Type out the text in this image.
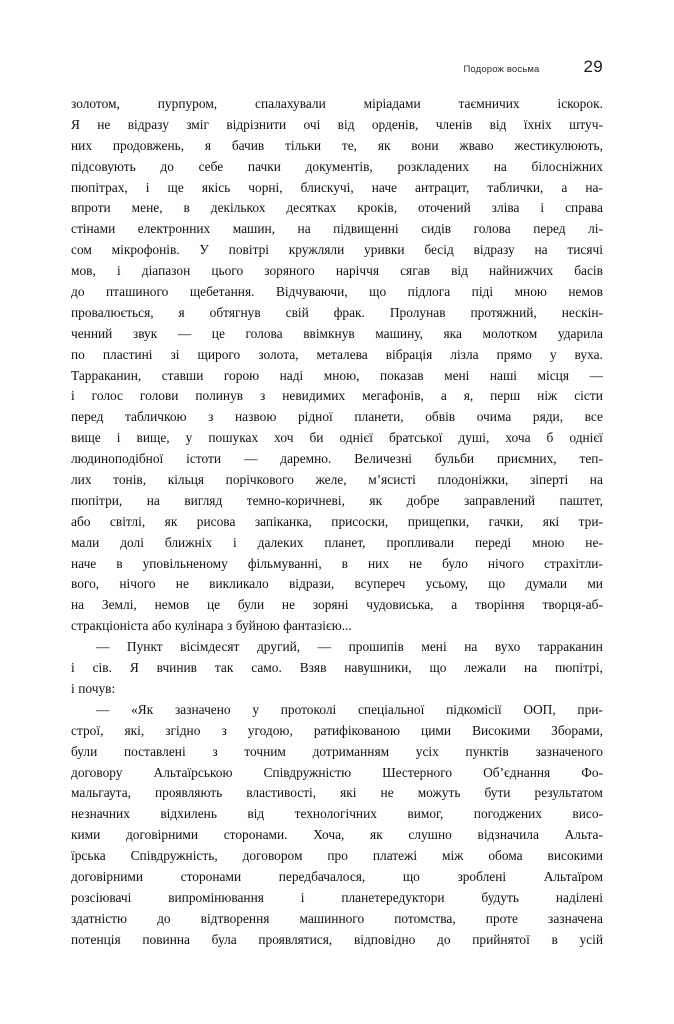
Подорож восьма	29
золотом,	пурпуром,	спалахували	міріадами	таємничих	іскорок.
Я не відразу зміг відрізнити очі від орденів, членів від їхніх штуч-
них продовжень, я бачив тільки те, як вони жваво жестикулюють,
підсовують до себе пачки документів, розкладених на білосніжних
пюпітрах, і ще якісь чорні, блискучі, наче антрацит, таблички, а на-
впроти мене, в декількох десятках кроків, оточений зліва і справа
стінами електронних машин, на підвищенні сидів голова перед лі-
сом мікрофонів. У повітрі кружляли уривки бесід відразу на тисячі
мов, і діапазон цього зоряного наріччя сягав від найнижчих басів
до пташиного щебетання. Відчуваючи, що підлога піді мною немов
провалюється, я обтягнув свій фрак. Пролунав протяжний, нескін-
ченний звук — це голова ввімкнув машину, яка молотком ударила
по пластині зі щирого золота, металева вібрація лізла прямо у вуха.
Тарраканин, ставши горою наді мною, показав мені наші місця —
і голос голови полинув з невидимих мегафонів, а я, перш ніж сісти
перед табличкою з назвою рідної планети, обвів очима ряди, все
вище і вище, у пошуках хоч би однієї братської душі, хоча б однієї
людиноподібної істоти — даремно. Величезні бульби приємних, теп-
лих тонів, кільця порічкового желе, м’ясисті плодоніжки, зіперті на
пюпітри, на вигляд темно-коричневі, як добре заправлений паштет,
або світлі, як рисова запіканка, присоски, прищепки, гачки, які три-
мали долі ближніх і далеких планет, пропливали переді мною не-
наче в уповільненому фільмуванні, в них не було нічого страхітли-
вого, нічого не викликало відрази, всупереч усьому, що думали ми
на Землі, немов це були не зоряні чудовиська, а творіння творця-аб-
стракціоніста або кулінара з буйною фантазією...
— Пункт вісімдесят другий, — прошипів мені на вухо тарраканин
і сів. Я вчинив так само. Взяв навушники, що лежали на пюпітрі,
і почув:
— «Як зазначено у протоколі спеціальної підкомісії ООП, при-
строї, які, згідно з угодою, ратифікованою цими Високими Зборами,
були поставлені з точним дотриманням усіх пунктів зазначеного
договору Альтаїрською Співдружністю Шестерного Об’єднання Фо-
мальгаута, проявляють властивості, які не можуть бути результатом
незначних відхилень від технологічних вимог, погоджених висо-
кими договірними сторонами. Хоча, як слушно відзначила Альта-
їрська Співдружність, договором про платежі між обома високими
договірними	сторонами	передбачалося,	що	зроблені	Альтаїром
розсіювачі	випромінювання	і	планетередуктори	будуть	наділені
здатністю до відтворення машинного потомства, проте зазначена
потенція повинна була проявлятися, відповідно до прийнятої в усій
